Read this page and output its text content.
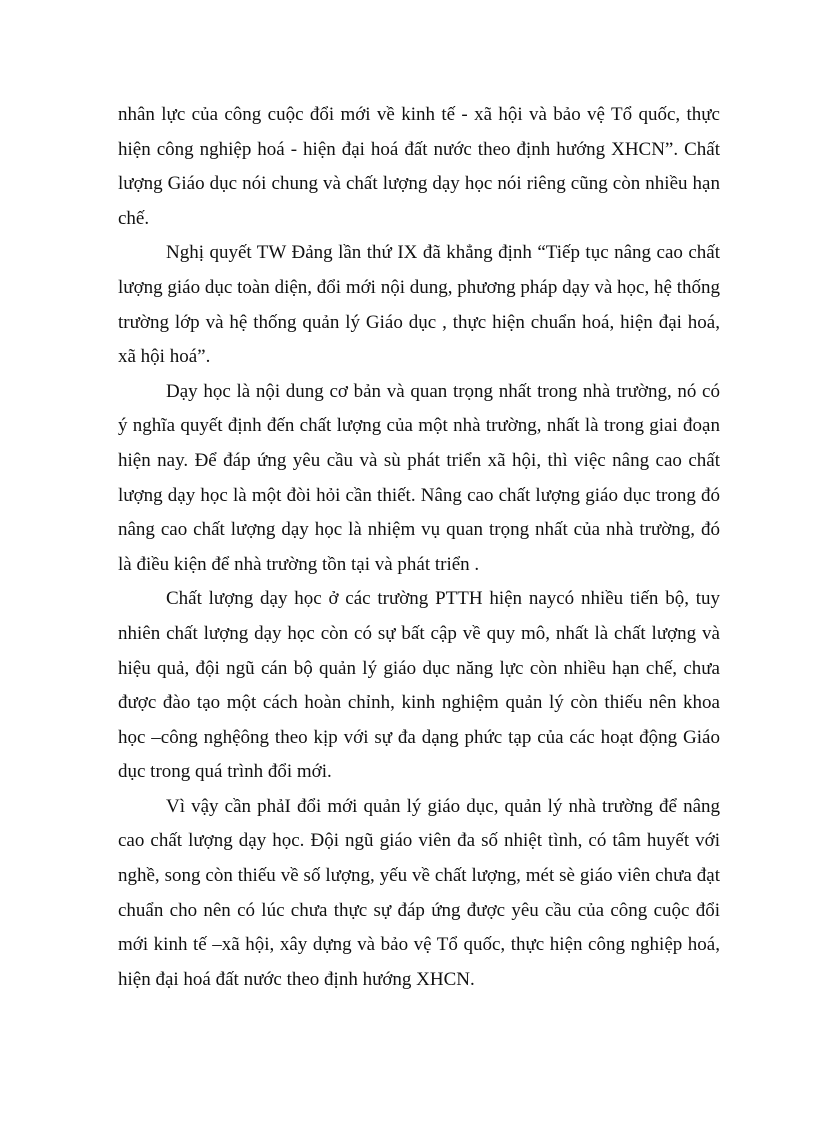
nhân lực của công cuộc đổi mới về kinh tế - xã hội và bảo vệ Tổ quốc, thực hiện công nghiệp hoá - hiện đại hoá đất nước theo định hướng XHCN”. Chất lượng Giáo dục nói chung và chất lượng dạy học nói riêng cũng còn nhiều hạn chế.

Nghị quyết TW Đảng lần thứ IX đã khẳng định “Tiếp tục nâng cao chất lượng giáo dục toàn diện, đổi mới nội dung, phương pháp dạy và học, hệ thống trường lớp và hệ thống quản lý Giáo dục , thực hiện chuẩn hoá, hiện đại hoá, xã hội hoá”.

Dạy học là nội dung cơ bản và quan trọng nhất trong nhà trường, nó có ý nghĩa quyết định đến chất lượng của một nhà trường, nhất là trong giai đoạn hiện nay. Để đáp ứng yêu cầu và sù phát triển xã hội, thì việc nâng cao chất lượng dạy học là một đòi hỏi cần thiết. Nâng cao chất lượng giáo dục trong đó nâng cao chất lượng dạy học là nhiệm vụ quan trọng nhất của nhà trường, đó là điều kiện để nhà trường tồn tại và phát triển .

Chất lượng dạy học ở các trường PTTH hiện naycó nhiều tiến bộ, tuy nhiên chất lượng dạy học còn có sự bất cập về quy mô, nhất là chất lượng và hiệu quả, đội ngũ cán bộ quản lý giáo dục năng lực còn nhiều hạn chế, chưa được đào tạo một cách hoàn chỉnh, kinh nghiệm quản lý còn thiếu nên khoa học –công nghệông theo kịp với sự đa dạng phức tạp của các hoạt động Giáo dục trong quá trình đổi mới.

Vì vậy cần phảI đổi mới quản lý giáo dục, quản lý nhà trường để nâng cao chất lượng dạy học. Đội ngũ giáo viên đa số nhiệt tình, có tâm huyết với nghề, song còn thiếu về số lượng, yếu về chất lượng, mét sè giáo viên chưa đạt chuẩn cho nên có lúc chưa thực sự đáp ứng được yêu cầu của công cuộc đổi mới kinh tế –xã hội, xây dựng và bảo vệ Tổ quốc, thực hiện công nghiệp hoá, hiện đại hoá đất nước theo định hướng XHCN.
